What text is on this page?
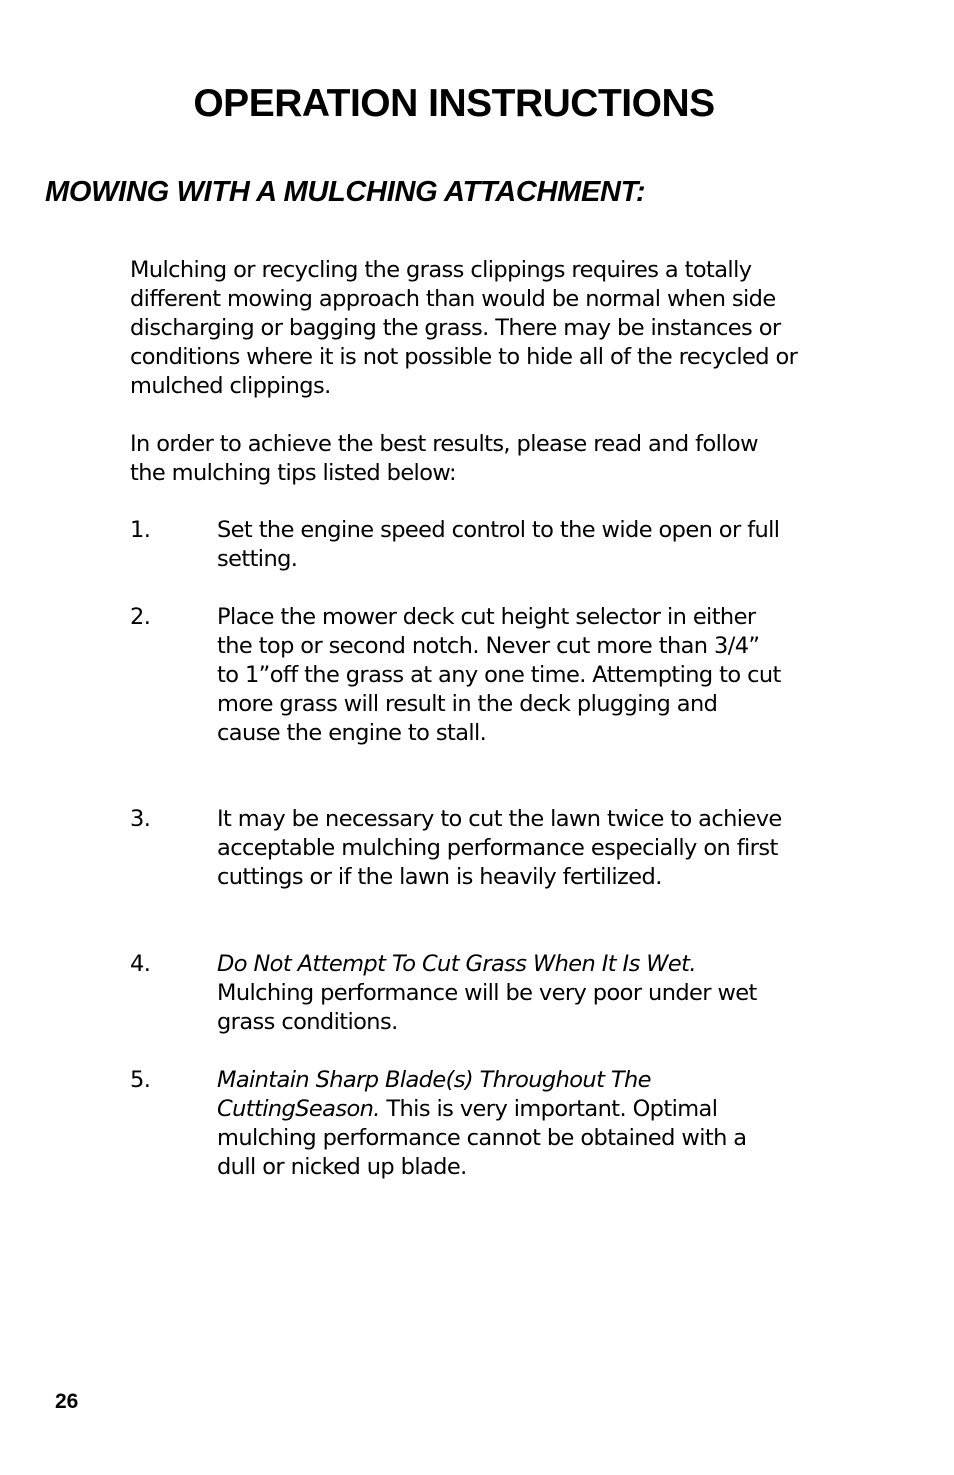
OPERATION INSTRUCTIONS
MOWING WITH A MULCHING ATTACHMENT:

Mulching or recycling the grass clippings requires a totally different mowing approach than would be normal when side discharging or bagging the grass. There may be instances or conditions where it is not possible to hide all of the recycled or mulched clippings.

In order to achieve the best results, please read and follow the mulching tips listed below:

1.	Set the engine speed control to the wide open or full setting.
2.	Place the mower deck cut height selector in either the top or second notch. Never cut more than 3/4” to 1”off the grass at any one time. Attempting to cut more grass will result in the deck plugging and cause the engine to stall.
3.	It may be necessary to cut the lawn twice to achieve acceptable mulching performance especially on first cuttings or if the lawn is heavily fertilized.
4.	Do Not Attempt To Cut Grass When It Is Wet.
Mulching performance will be very poor under wet grass conditions.
5.	Maintain Sharp Blade(s) Throughout The CuttingSeason. This is very important. Optimal mulching performance cannot be obtained with a dull or nicked up blade.
26
